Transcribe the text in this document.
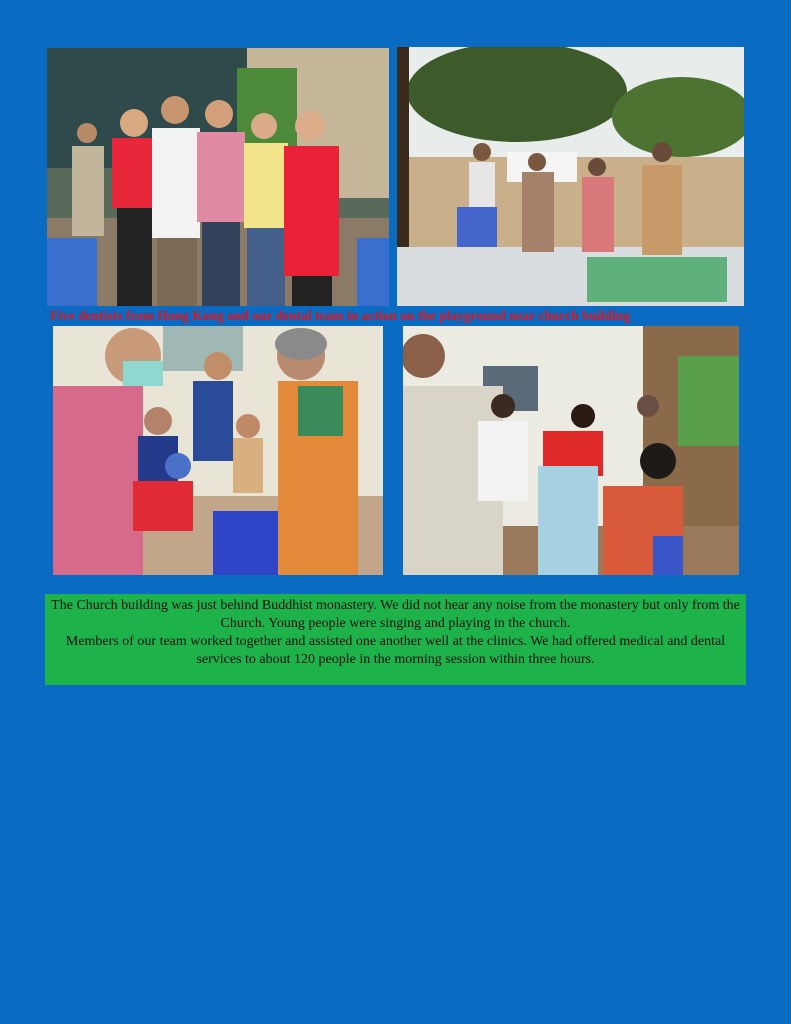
Five dentists from Hong Kong and our dental team in action on the playground near church building

The Church building was just behind Buddhist monastery. We did not hear any noise from the monastery but only from the Church. Young people were singing and playing in the church.

Members of our team worked together and assisted one another well at the clinics. We had offered medical and dental services to about 120 people in the morning session within three hours.
